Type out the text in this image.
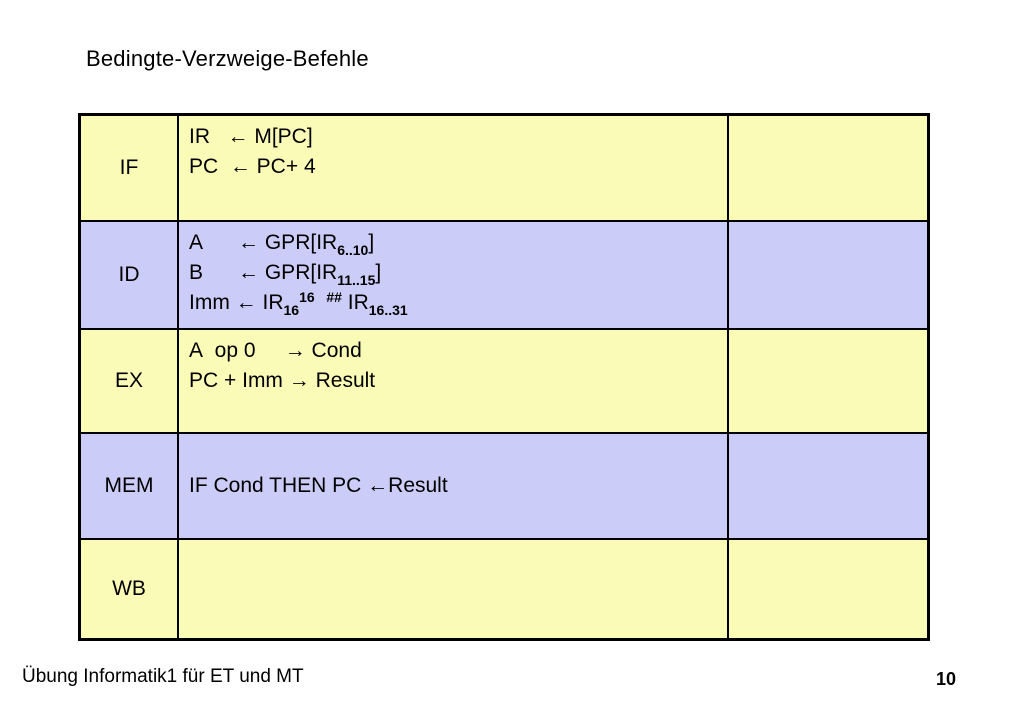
Bedingte-Verzweige-Befehle
IF
IR   ← M[PC]
PC  ← PC+ 4
ID
A      ← $GPR[IR_{6..10}]$
B      ← $GPR[IR_{11..15}]$
Imm ← $IR_{16}^{16}$ ## $IR_{16..31}$
EX
A  op 0     → Cond
PC + Imm → Result
MEM	IF Cond THEN PC ←Result
WB
Übung Informatik1 für ET und MT	10
